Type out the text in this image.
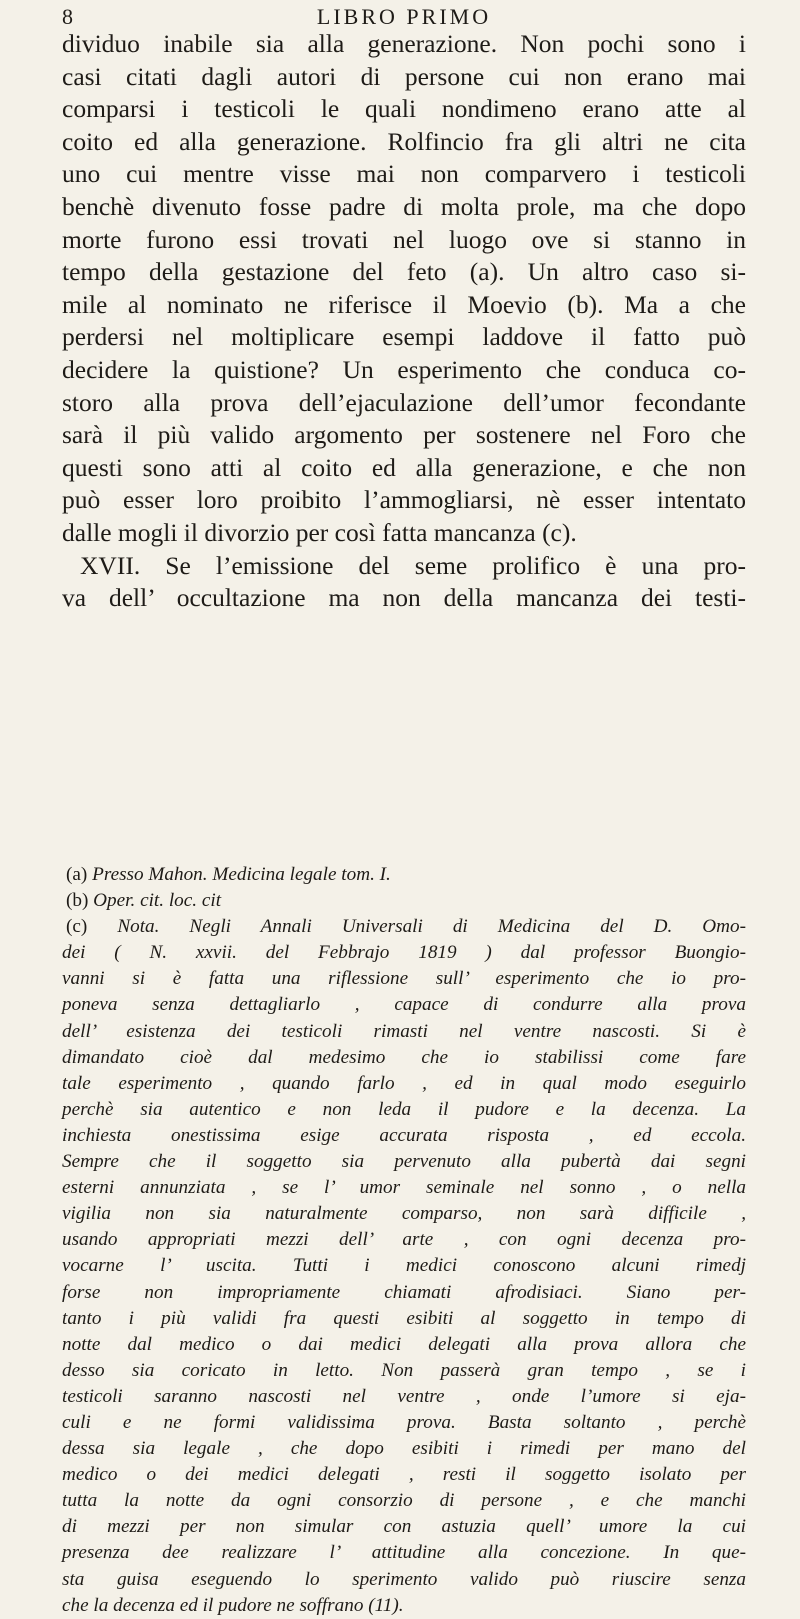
8	LIBRO PRIMO
dividuo inabile sia alla generazione. Non pochi sono i
casi citati dagli autori di persone cui non erano mai
comparsi i testicoli le quali nondimeno erano atte al
coito ed alla generazione. Rolfincio fra gli altri ne cita
uno cui mentre visse mai non comparvero i testicoli
benchè divenuto fosse padre di molta prole, ma che dopo
morte furono essi trovati nel luogo ove si stanno in
tempo della gestazione del feto (a). Un altro caso si-
mile al nominato ne riferisce il Moevio (b). Ma a che
perdersi nel moltiplicare esempi laddove il fatto può
decidere la quistione? Un esperimento che conduca co-
storo alla prova dell’ejaculazione dell’umor fecondante
sarà il più valido argomento per sostenere nel Foro che
questi sono atti al coito ed alla generazione, e che non
può esser loro proibito l’ammogliarsi, nè esser intentato
dalle mogli il divorzio per così fatta mancanza (c).
XVII. Se l’emissione del seme prolifico è una pro-
va dell’ occultazione ma non della mancanza dei testi-
(a) Presso Mahon. Medicina legale tom. I.
(b) Oper. cit. loc. cit
(c) Nota. Negli Annali Universali di Medicina del D. Omo-
dei ( N. xxvii. del Febbrajo 1819 ) dal professor Buongio-
vanni si è fatta una riflessione sull’ esperimento che io pro-
poneva senza dettagliarlo , capace di condurre alla prova
dell’ esistenza dei testicoli rimasti nel ventre nascosti. Si è
dimandato cioè dal medesimo che io stabilissi come fare
tale esperimento , quando farlo , ed in qual modo eseguirlo
perchè sia autentico e non leda il pudore e la decenza. La
inchiesta onestissima esige accurata risposta , ed eccola.
Sempre che il soggetto sia pervenuto alla pubertà dai segni
esterni annunziata , se l’ umor seminale nel sonno , o nella
vigilia non sia naturalmente comparso, non sarà difficile ,
usando appropriati mezzi dell’ arte , con ogni decenza pro-
vocarne l’ uscita. Tutti i medici conoscono alcuni rimedj
forse non impropriamente chiamati afrodisiaci. Siano per-
tanto i più validi fra questi esibiti al soggetto in tempo di
notte dal medico o dai medici delegati alla prova allora che
desso sia coricato in letto. Non passerà gran tempo , se i
testicoli saranno nascosti nel ventre , onde l’umore si eja-
culi e ne formi validissima prova. Basta soltanto , perchè
dessa sia legale , che dopo esibiti i rimedi per mano del
medico o dei medici delegati , resti il soggetto isolato per
tutta la notte da ogni consorzio di persone , e che manchi
di mezzi per non simular con astuzia quell’ umore la cui
presenza dee realizzare l’ attitudine alla concezione. In que-
sta guisa eseguendo lo sperimento valido può riuscire senza
che la decenza ed il pudore ne soffrano (11).
